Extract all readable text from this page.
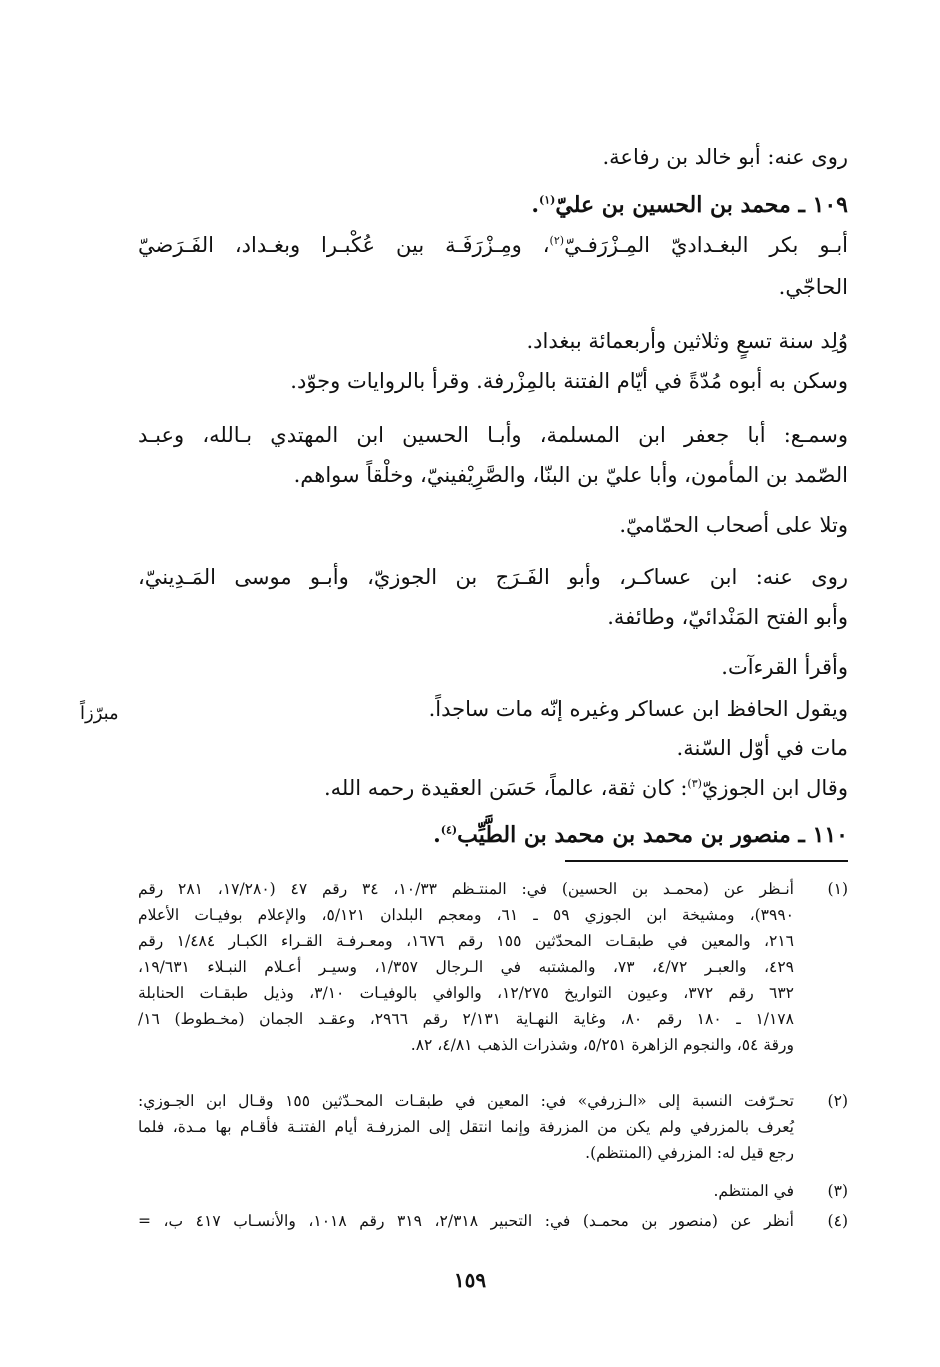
روى عنه: أبو خالد بن رفاعة.
١٠٩ ـ محمد بن الحسين بن عليّ$^{(١)}$.
أبـو بكر البغـداديّ المِـزْرَفـيّ$^{(٢)}$، ومِـزْرَفَـة بين عُكْبـرا وبغـداد، الفَـرَضيّ
الحاجّي.
وُلِد سنة تسعٍ وثلاثين وأربعمائة ببغداد.
وسكن به أبوه مُدّةً في أيّام الفتنة بالمِزْرفة. وقرأ بالروايات وجوّد.
وسمـع: أبا جعفر ابن المسلمة، وأبـا الحسين ابن المهتدي بـالله، وعبـد
الصّمد بن المأمون، وأبا عليّ بن البنّا، والصَّرِيْفينيّ، وخلْقاً سواهم.
وتلا على أصحاب الحمّاميّ.
روى عنه: ابن عساكـر، وأبو الفَـرَج بن الجوزيّ، وأبـو موسى المَـدِينيّ،
وأبو الفتح المَنْدائيّ، وطائفة.
وأقرأ القرءآت.
ويقول الحافظ ابن عساكر وغيره إنّه مات ساجداً.
مبرّزاً
مات في أوّل السّنة.
وقال ابن الجوزيّ$^{(٣)}$: كان ثقة، عالماً، حَسَن العقيدة رحمه الله.
١١٠ ـ منصور بن محمد بن محمد بن الطَّيِّب$^{(٤)}$.
(١)
أنـظر عن (محمـد بن الحسين) في: المنتـظم ١٠/٣٣، ٣٤ رقم ٤٧ (١٧/٢٨٠، ٢٨١ رقم
٣٩٩٠)، ومشيخة ابن الجوزي ٥٩ ـ ٦١، ومعجم البلدان ٥/١٢١، والإعلام بوفيـات الأعلام
٢١٦، والمعين في طبقـات المحدّثين ١٥٥ رقم ١٦٧٦، ومعـرفـة القـراء الكبـار ١/٤٨٤ رقم
٤٢٩، والعبـر ٤/٧٢، ٧٣، والمشتبه في الـرجال ١/٣٥٧، وسيـر أعـلام النبـلاء ١٩/٦٣١،
٦٣٢ رقم ٣٧٢، وعيون التواريخ ١٢/٢٧٥، والوافي بالوفيـات ٣/١٠، وذيل طبقـات الحنابلة
١/١٧٨ ـ ١٨٠ رقم ٨٠، وغاية النهـاية ٢/١٣١ رقم ٢٩٦٦، وعقـد الجمان (مخـطوط) ١٦/
ورقة ٥٤، والنجوم الزاهرة ٥/٢٥١، وشذرات الذهب ٤/٨١، ٨٢.
(٢)
تحـرّفت النسبة إلى «الـزرفي» في: المعين في طبقـات المحـدّثين ١٥٥ وقـال ابن الجـوزي:
يُعرف بالمزرفي ولم يكن من المزرفة وإنما انتقل إلى المزرفـة أيام الفتنـة فأقـام بها مـدة، فلما
رجع قيل له: المزرفي (المنتظم).
(٣)
في المنتظم.
(٤)
أنظر عن (منصور بن محمـد) في: التحبير ٢/٣١٨، ٣١٩ رقم ١٠١٨، والأنسـاب ٤١٧ ب، =
١٥٩
